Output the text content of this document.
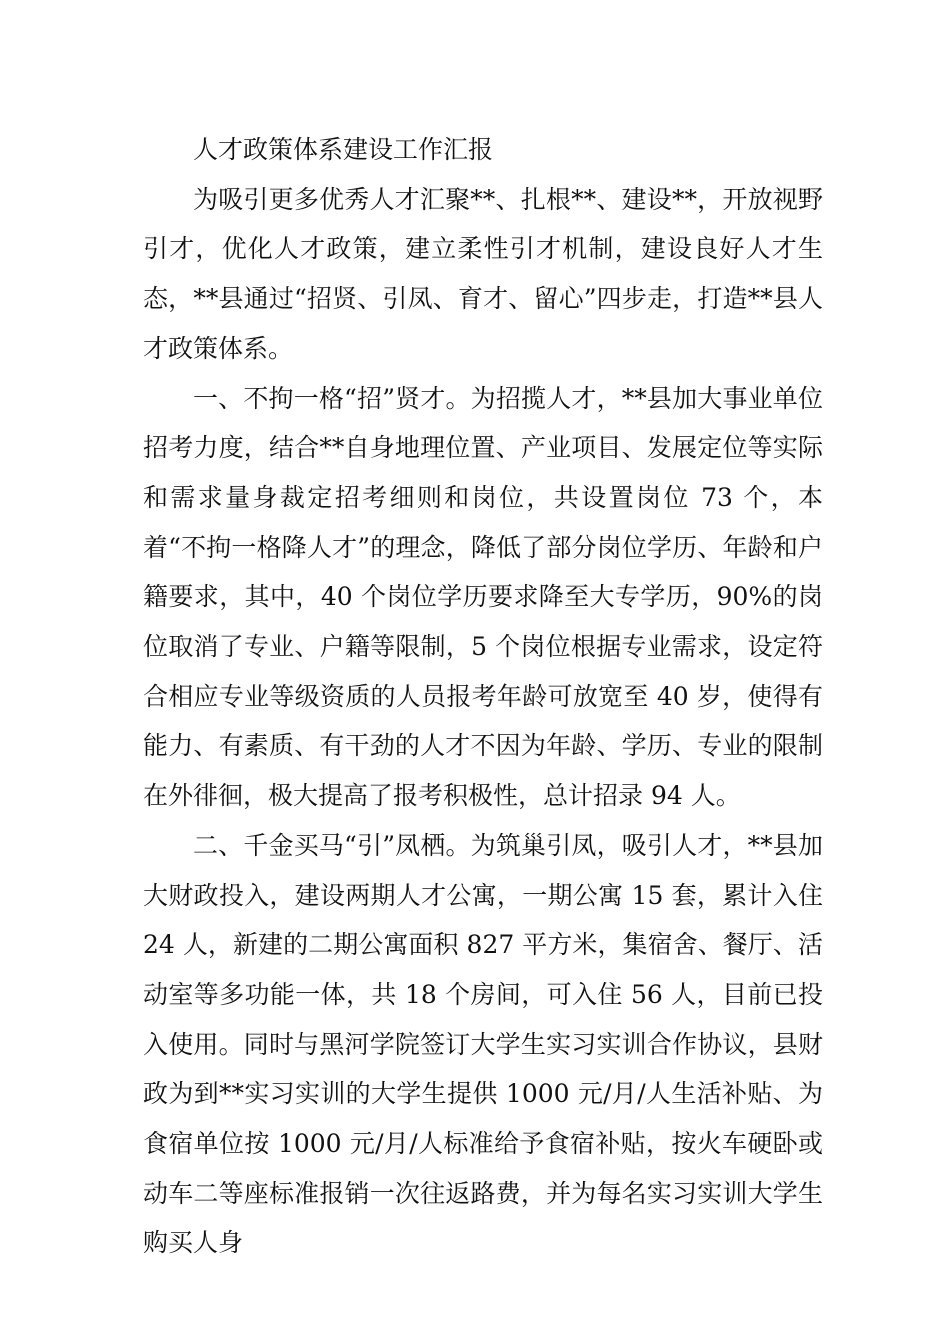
人才政策体系建设工作汇报

为吸引更多优秀人才汇聚**、扎根**、建设**，开放视野引才，优化人才政策，建立柔性引才机制，建设良好人才生态，**县通过“招贤、引凤、育才、留心”四步走，打造**县人才政策体系。

一、不拘一格“招”贤才。为招揽人才，**县加大事业单位招考力度，结合**自身地理位置、产业项目、发展定位等实际和需求量身裁定招考细则和岗位，共设置岗位 73 个，本着“不拘一格降人才”的理念，降低了部分岗位学历、年龄和户籍要求，其中，40 个岗位学历要求降至大专学历，90%的岗位取消了专业、户籍等限制，5 个岗位根据专业需求，设定符合相应专业等级资质的人员报考年龄可放宽至 40 岁，使得有能力、有素质、有干劲的人才不因为年龄、学历、专业的限制在外徘徊，极大提高了报考积极性，总计招录 94 人。

二、千金买马“引”凤栖。为筑巢引凤，吸引人才，**县加大财政投入，建设两期人才公寓，一期公寓 15 套，累计入住 24 人，新建的二期公寓面积 827 平方米，集宿舍、餐厅、活动室等多功能一体，共 18 个房间，可入住 56 人，目前已投入使用。同时与黑河学院签订大学生实习实训合作协议，县财政为到**实习实训的大学生提供 1000 元/月/人生活补贴、为食宿单位按 1000 元/月/人标准给予食宿补贴，按火车硬卧或动车二等座标准报销一次往返路费，并为每名实习实训大学生购买人身
